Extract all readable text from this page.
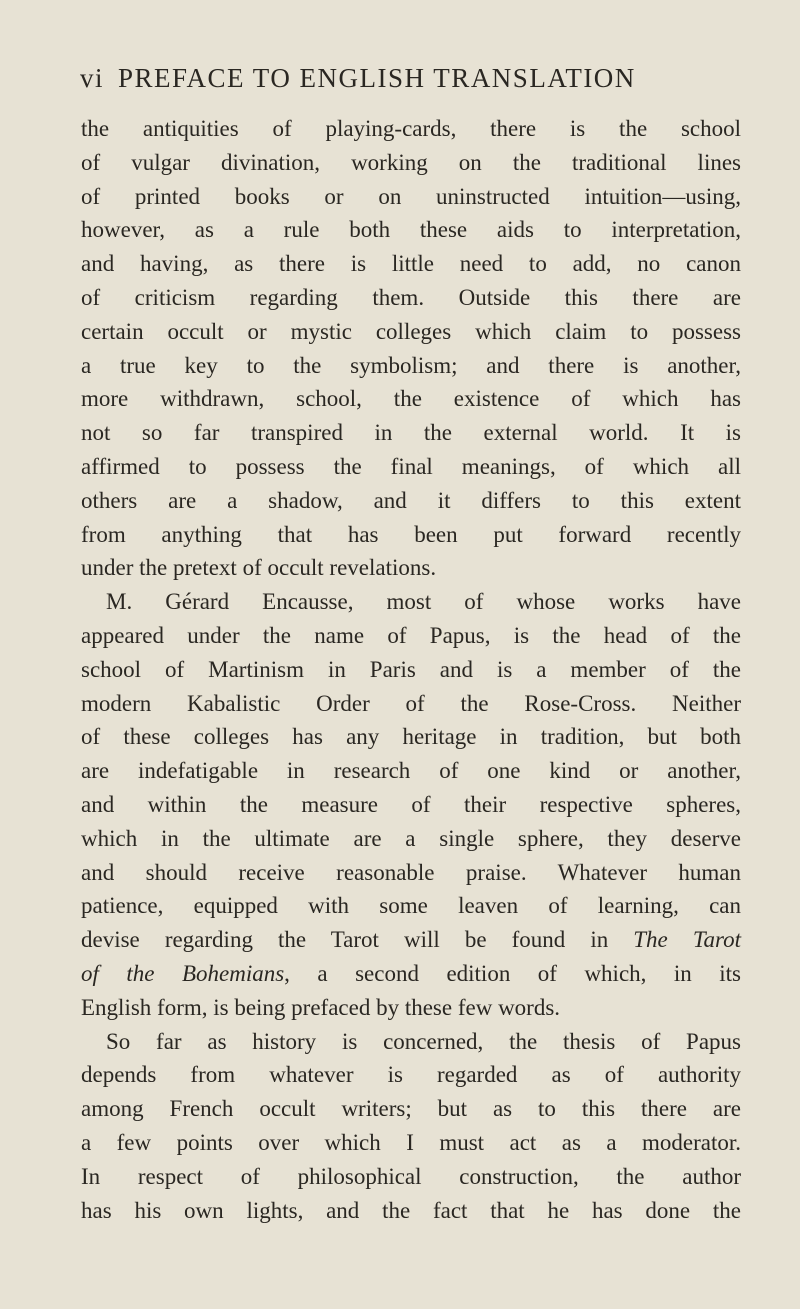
vi PREFACE TO ENGLISH TRANSLATION
the antiquities of playing-cards, there is the school
of vulgar divination, working on the traditional lines
of printed books or on uninstructed intuition—using,
however, as a rule both these aids to interpretation,
and having, as there is little need to add, no canon
of criticism regarding them. Outside this there are
certain occult or mystic colleges which claim to possess
a true key to the symbolism; and there is another,
more withdrawn, school, the existence of which has
not so far transpired in the external world. It is
affirmed to possess the final meanings, of which all
others are a shadow, and it differs to this extent
from anything that has been put forward recently
under the pretext of occult revelations.
M. Gérard Encausse, most of whose works have
appeared under the name of Papus, is the head of the
school of Martinism in Paris and is a member of the
modern Kabalistic Order of the Rose-Cross. Neither
of these colleges has any heritage in tradition, but both
are indefatigable in research of one kind or another,
and within the measure of their respective spheres,
which in the ultimate are a single sphere, they deserve
and should receive reasonable praise. Whatever human
patience, equipped with some leaven of learning, can
devise regarding the Tarot will be found in The Tarot
of the Bohemians, a second edition of which, in its
English form, is being prefaced by these few words.
So far as history is concerned, the thesis of Papus
depends from whatever is regarded as of authority
among French occult writers; but as to this there are
a few points over which I must act as a moderator.
In respect of philosophical construction, the author
has his own lights, and the fact that he has done the
